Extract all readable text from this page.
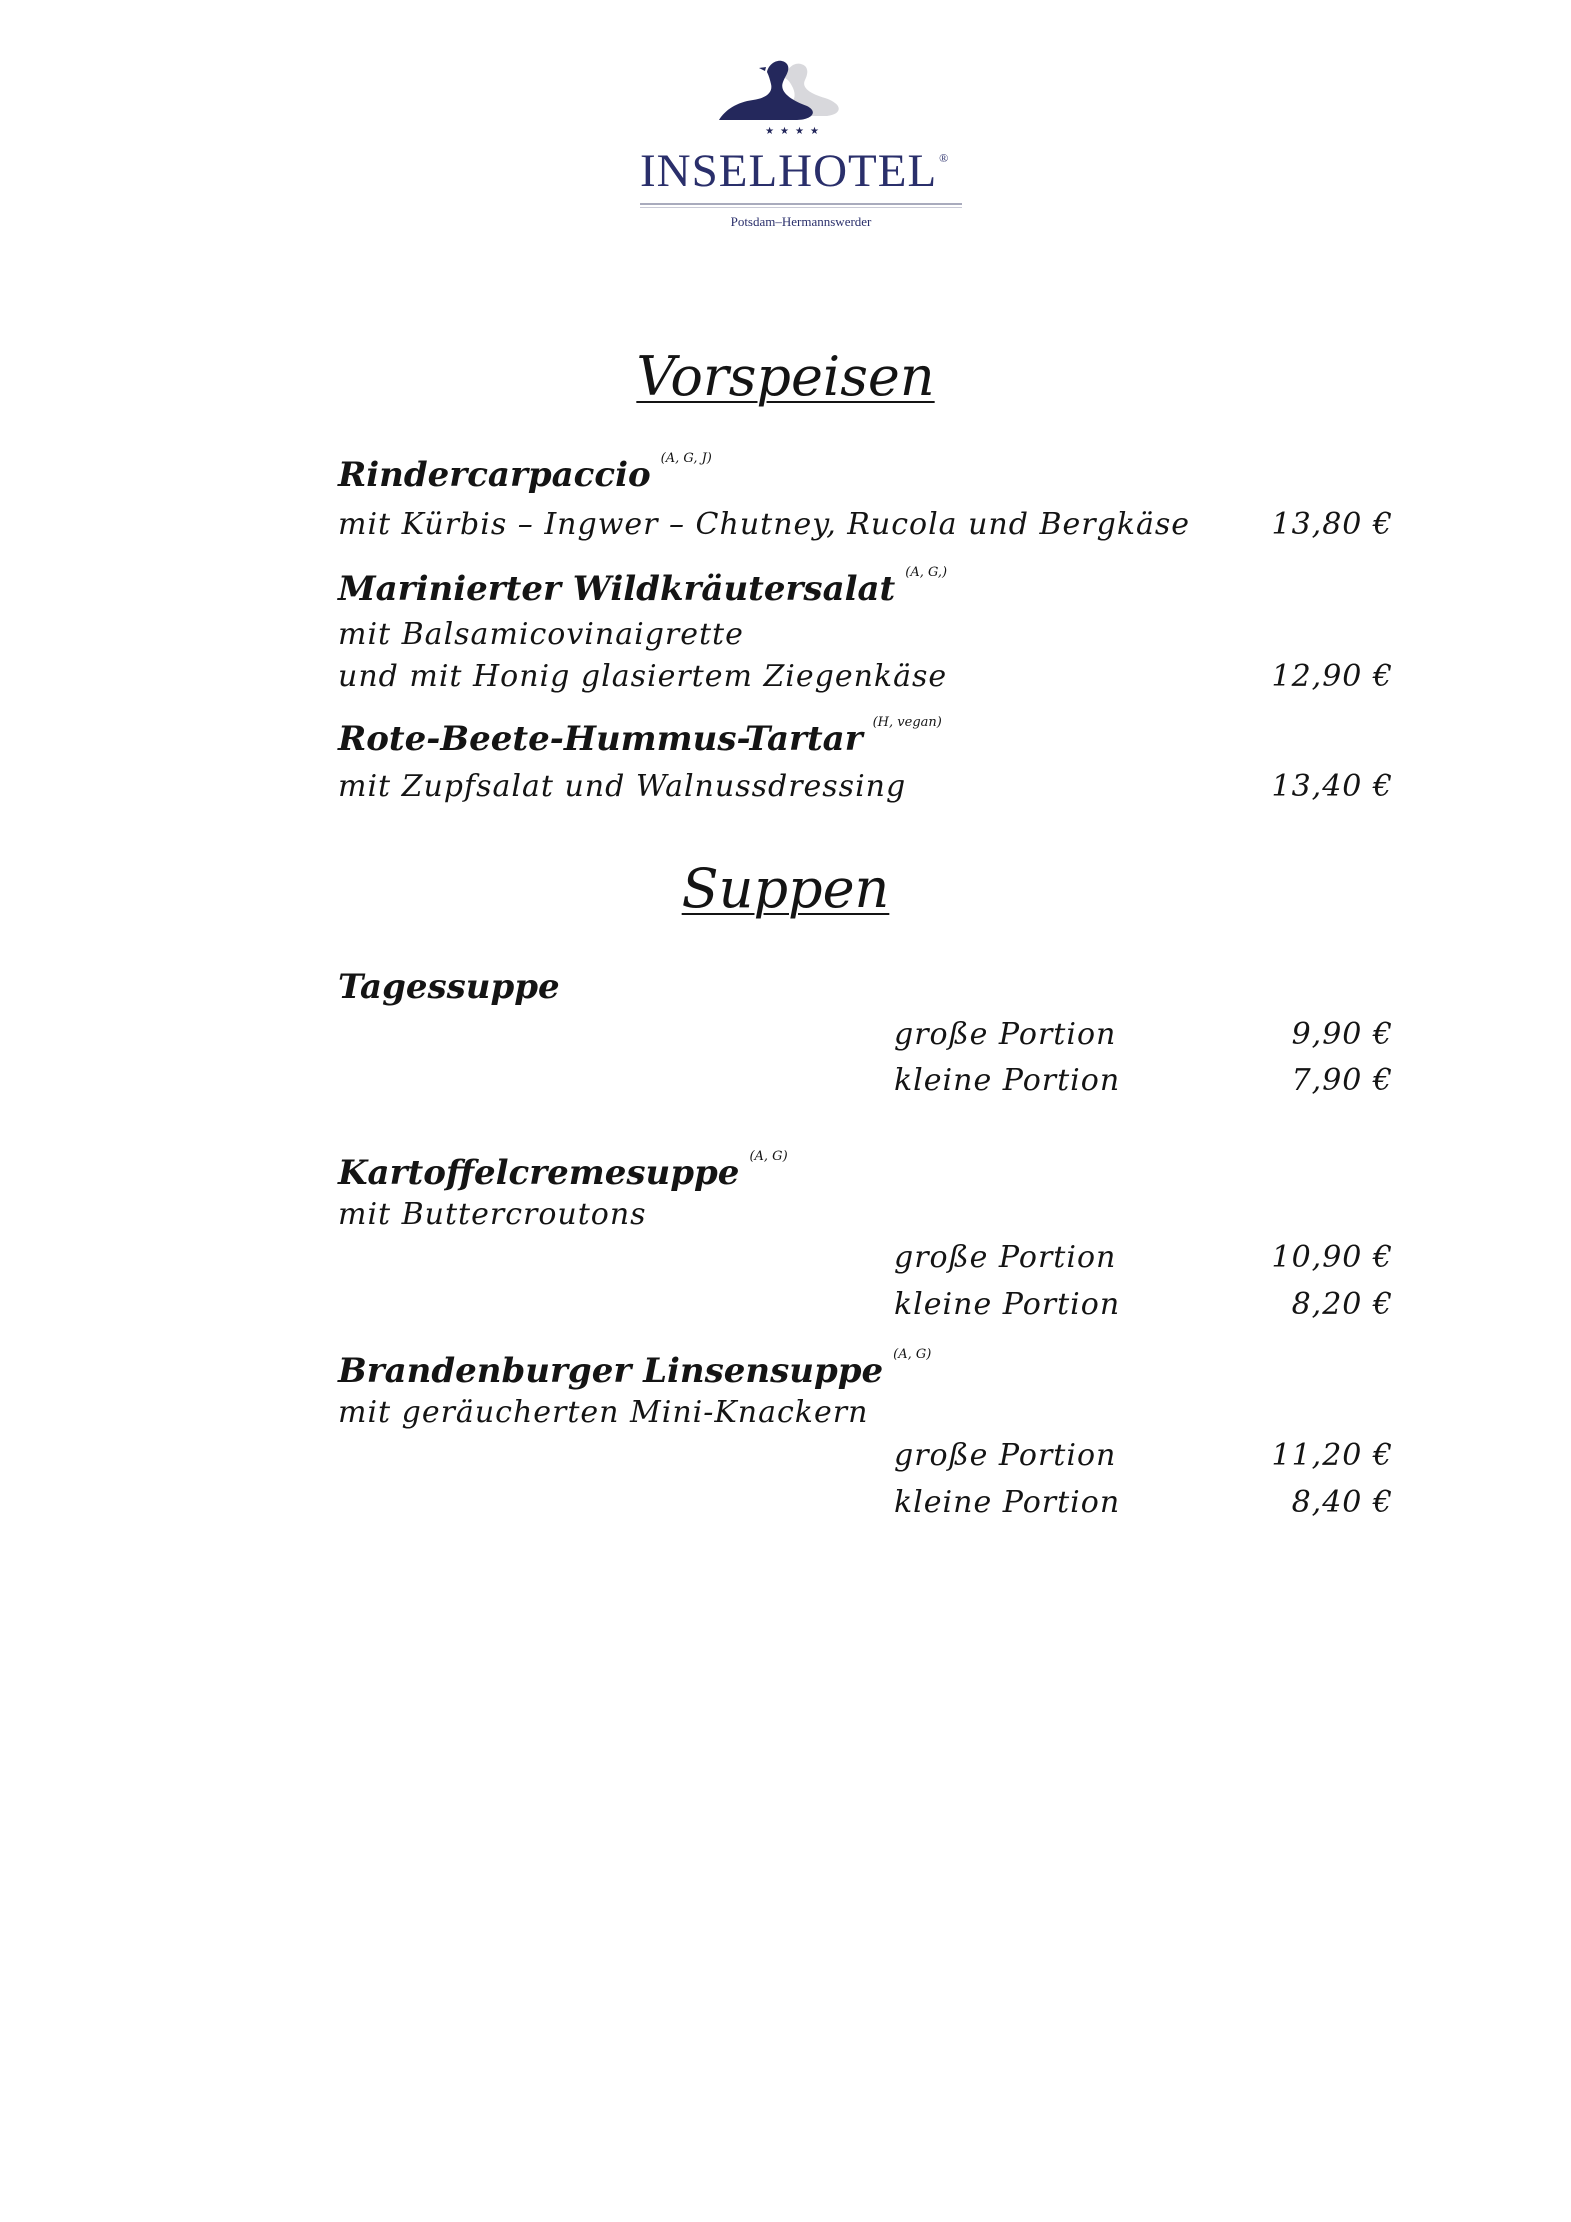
★★★★
INSELHOTEL ®
Potsdam–Hermannswerder
Vorspeisen
Rindercarpaccio $^{(A, G, J)}$
mit Kürbis – Ingwer – Chutney, Rucola und Bergkäse	13,80 €
Marinierter Wildkräutersalat $^{(A, G,)}$
mit Balsamicovinaigrette
und mit Honig glasiertem Ziegenkäse	12,90 €
Rote-Beete-Hummus-Tartar $^{(H, vegan)}$
mit Zupfsalat und Walnussdressing	13,40 €
Suppen
Tagessuppe
große Portion	9,90 €
kleine Portion	7,90 €
Kartoffelcremesuppe $^{(A, G)}$
mit Buttercroutons
große Portion	10,90 €
kleine Portion	8,20 €
Brandenburger Linsensuppe $^{(A, G)}$
mit geräucherten Mini-Knackern
große Portion	11,20 €
kleine Portion	8,40 €
